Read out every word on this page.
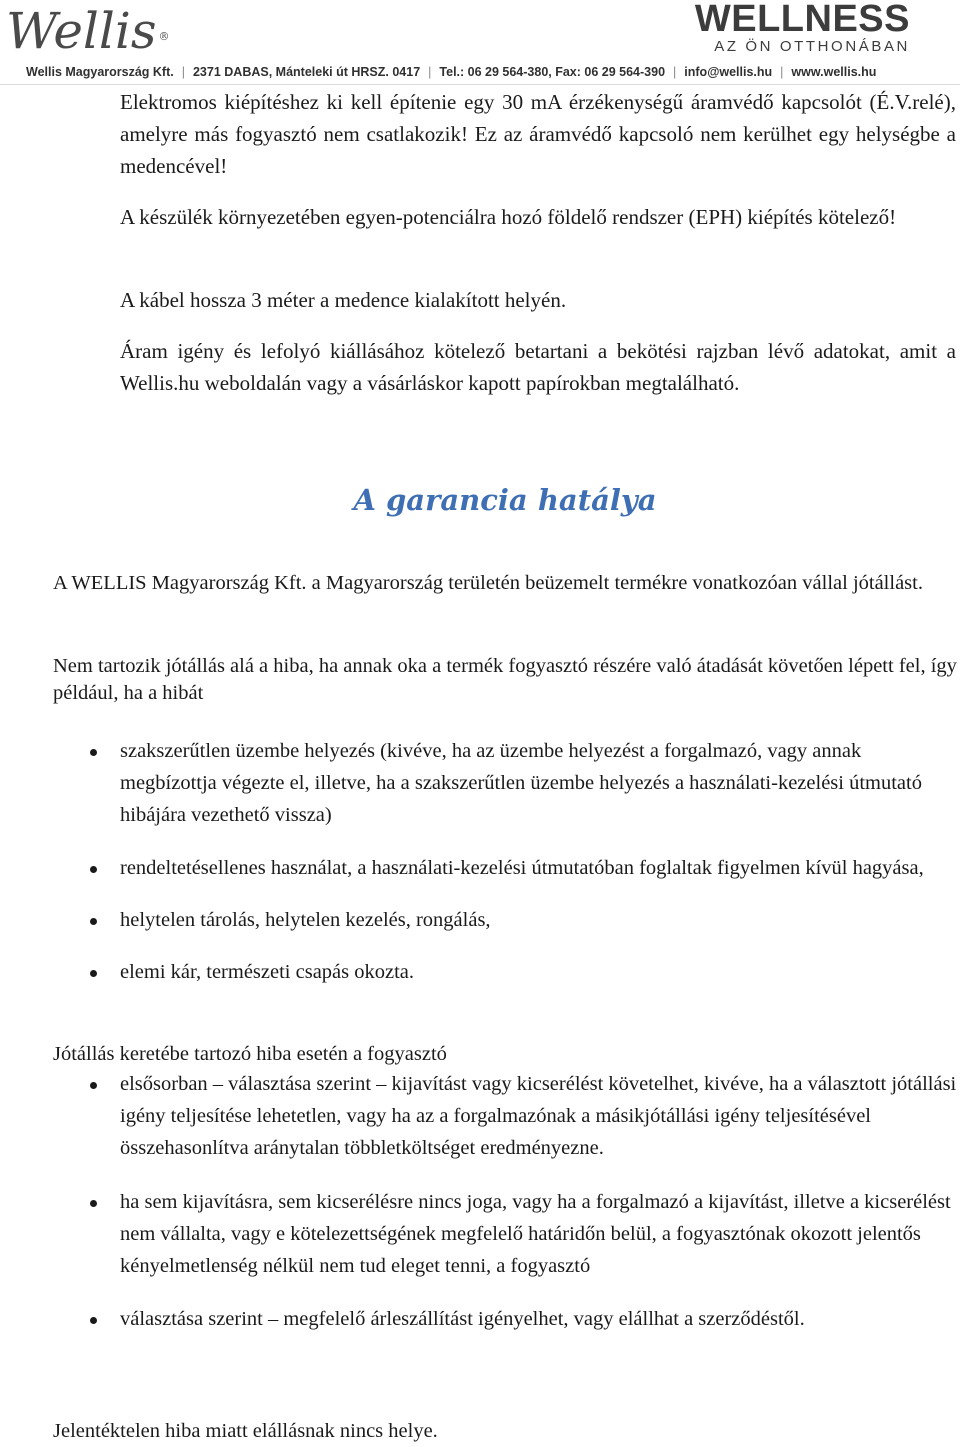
Wellis ®	WELLNESS
AZ ÖN OTTHONÁBAN
Wellis Magyarország Kft. | 2371 DABAS, Mánteleki út HRSZ. 0417 | Tel.: 06 29 564-380, Fax: 06 29 564-390 | info@wellis.hu | www.wellis.hu

Elektromos kiépítéshez ki kell építenie egy 30 mA érzékenységű áramvédő kapcsolót (É.V.relé), amelyre más fogyasztó nem csatlakozik! Ez az áramvédő kapcsoló nem kerülhet egy helységbe a medencével!

A készülék környezetében egyen-potenciálra hozó földelő rendszer (EPH) kiépítés kötelező!

A kábel hossza 3 méter a medence kialakított helyén.

Áram igény és lefolyó kiállásához kötelező betartani a bekötési rajzban lévő adatokat, amit a Wellis.hu weboldalán vagy a vásárláskor kapott papírokban megtalálható.

A garancia hatálya

A WELLIS Magyarország Kft. a Magyarország területén beüzemelt termékre vonatkozóan vállal jótállást.

Nem tartozik jótállás alá a hiba, ha annak oka a termék fogyasztó részére való átadását követően lépett fel, így például, ha a hibát

szakszerűtlen üzembe helyezés (kivéve, ha az üzembe helyezést a forgalmazó, vagy annak megbízottja végezte el, illetve, ha a szakszerűtlen üzembe helyezés a használati-kezelési útmutató hibájára vezethető vissza)
rendeltetésellenes használat, a használati-kezelési útmutatóban foglaltak figyelmen kívül hagyása,
helytelen tárolás, helytelen kezelés, rongálás,
elemi kár, természeti csapás okozta.

Jótállás keretébe tartozó hiba esetén a fogyasztó

elsősorban – választása szerint – kijavítást vagy kicserélést követelhet, kivéve, ha a választott jótállási igény teljesítése lehetetlen, vagy ha az a forgalmazónak a másikjótállási igény teljesítésével összehasonlítva aránytalan többletköltséget eredményezne.
ha sem kijavításra, sem kicserélésre nincs joga, vagy ha a forgalmazó a kijavítást, illetve a kicserélést nem vállalta, vagy e kötelezettségének megfelelő határidőn belül, a fogyasztónak okozott jelentős kényelmetlenség nélkül nem tud eleget tenni, a fogyasztó
választása szerint – megfelelő árleszállítást igényelhet, vagy elállhat a szerződéstől.

Jelentéktelen hiba miatt elállásnak nincs helye.
